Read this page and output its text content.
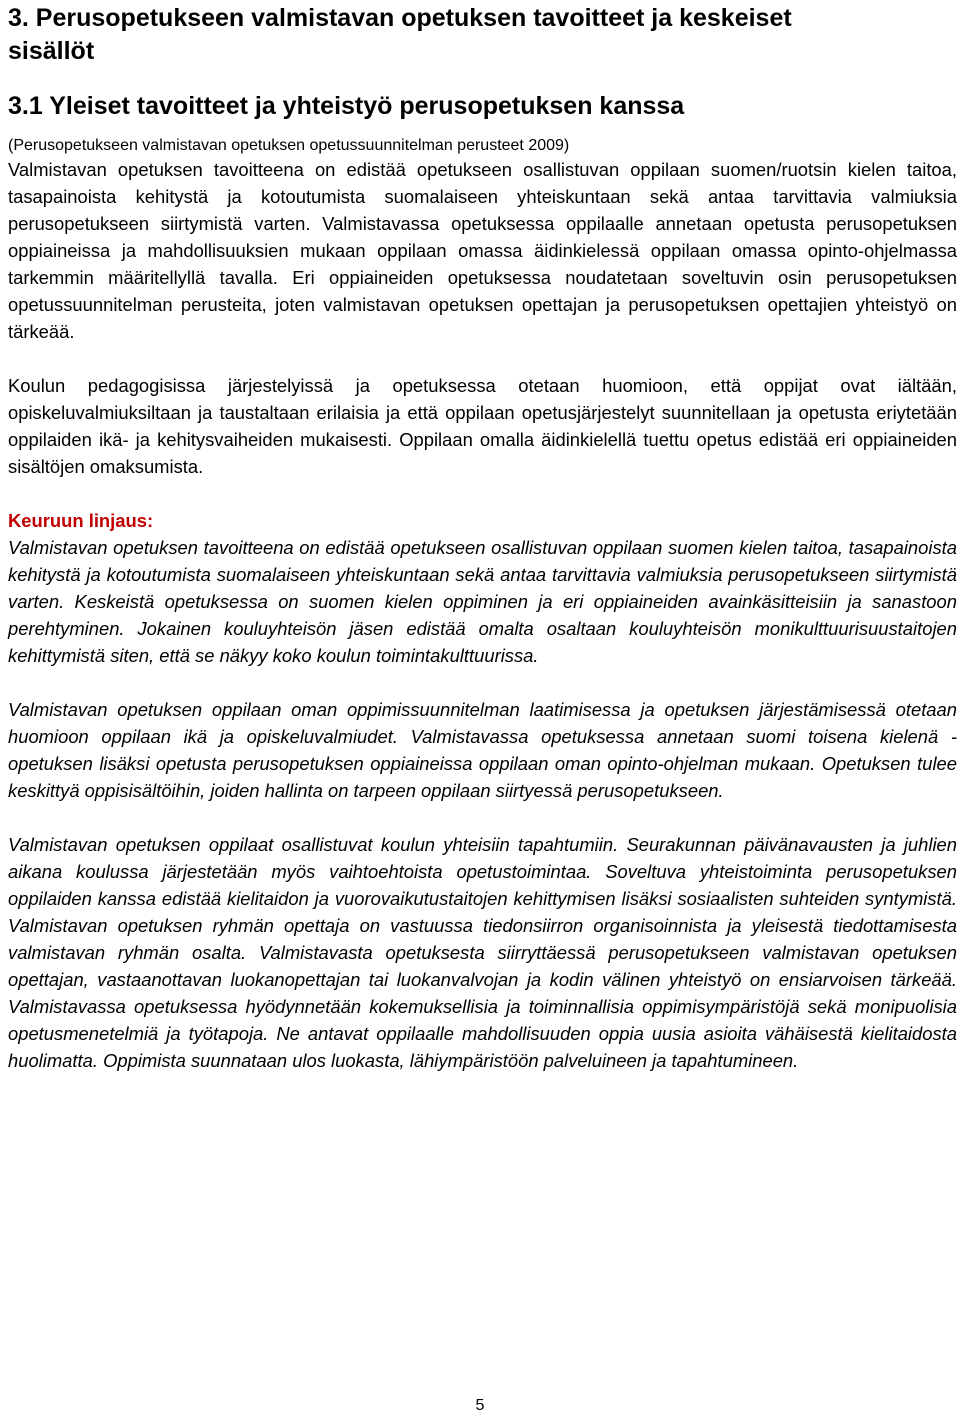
3. Perusopetukseen valmistavan opetuksen tavoitteet ja keskeiset sisällöt
3.1 Yleiset tavoitteet ja yhteistyö perusopetuksen kanssa
(Perusopetukseen valmistavan opetuksen opetussuunnitelman perusteet 2009)

Valmistavan opetuksen tavoitteena on edistää opetukseen osallistuvan oppilaan suomen/ruotsin kielen taitoa, tasapainoista kehitystä ja kotoutumista suomalaiseen yhteiskuntaan sekä antaa tarvittavia valmiuksia perusopetukseen siirtymistä varten. Valmistavassa opetuksessa oppilaalle annetaan opetusta perusopetuksen oppiaineissa ja mahdollisuuksien mukaan oppilaan omassa äidinkielessä oppilaan omassa opinto-ohjelmassa tarkemmin määritellyllä tavalla. Eri oppiaineiden opetuksessa noudatetaan soveltuvin osin perusopetuksen opetussuunnitelman perusteita, joten valmistavan opetuksen opettajan ja perusopetuksen opettajien yhteistyö on tärkeää.

Koulun pedagogisissa järjestelyissä ja opetuksessa otetaan huomioon, että oppijat ovat iältään, opiskeluvalmiuksiltaan ja taustaltaan erilaisia ja että oppilaan opetusjärjestelyt suunnitellaan ja opetusta eriytetään oppilaiden ikä- ja kehitysvaiheiden mukaisesti. Oppilaan omalla äidinkielellä tuettu opetus edistää eri oppiaineiden sisältöjen omaksumista.

Keuruun linjaus:

Valmistavan opetuksen tavoitteena on edistää opetukseen osallistuvan oppilaan suomen kielen taitoa, tasapainoista kehitystä ja kotoutumista suomalaiseen yhteiskuntaan sekä antaa tarvittavia valmiuksia perusopetukseen siirtymistä varten. Keskeistä opetuksessa on suomen kielen oppiminen ja eri oppiaineiden avainkäsitteisiin ja sanastoon perehtyminen. Jokainen kouluyhteisön jäsen edistää omalta osaltaan kouluyhteisön monikulttuurisuustaitojen kehittymistä siten, että se näkyy koko koulun toimintakulttuurissa.

Valmistavan opetuksen oppilaan oman oppimissuunnitelman laatimisessa ja opetuksen järjestämisessä otetaan huomioon oppilaan ikä ja opiskeluvalmiudet. Valmistavassa opetuksessa annetaan suomi toisena kielenä -opetuksen lisäksi opetusta perusopetuksen oppiaineissa oppilaan oman opinto-ohjelman mukaan. Opetuksen tulee keskittyä oppisisältöihin, joiden hallinta on tarpeen oppilaan siirtyessä perusopetukseen.

Valmistavan opetuksen oppilaat osallistuvat koulun yhteisiin tapahtumiin. Seurakunnan päivänavausten ja juhlien aikana koulussa järjestetään myös vaihtoehtoista opetustoimintaa. Soveltuva yhteistoiminta perusopetuksen oppilaiden kanssa edistää kielitaidon ja vuorovaikutustaitojen kehittymisen lisäksi sosiaalisten suhteiden syntymistä. Valmistavan opetuksen ryhmän opettaja on vastuussa tiedonsiirron organisoinnista ja yleisestä tiedottamisesta valmistavan ryhmän osalta. Valmistavasta opetuksesta siirryttäessä perusopetukseen valmistavan opetuksen opettajan, vastaanottavan luokanopettajan tai luokanvalvojan ja kodin välinen yhteistyö on ensiarvoisen tärkeää. Valmistavassa opetuksessa hyödynnetään kokemuksellisia ja toiminnallisia oppimisympäristöjä sekä monipuolisia opetusmenetelmiä ja työtapoja. Ne antavat oppilaalle mahdollisuuden oppia uusia asioita vähäisestä kielitaidosta huolimatta. Oppimista suunnataan ulos luokasta, lähiympäristöön palveluineen ja tapahtumineen.

5
